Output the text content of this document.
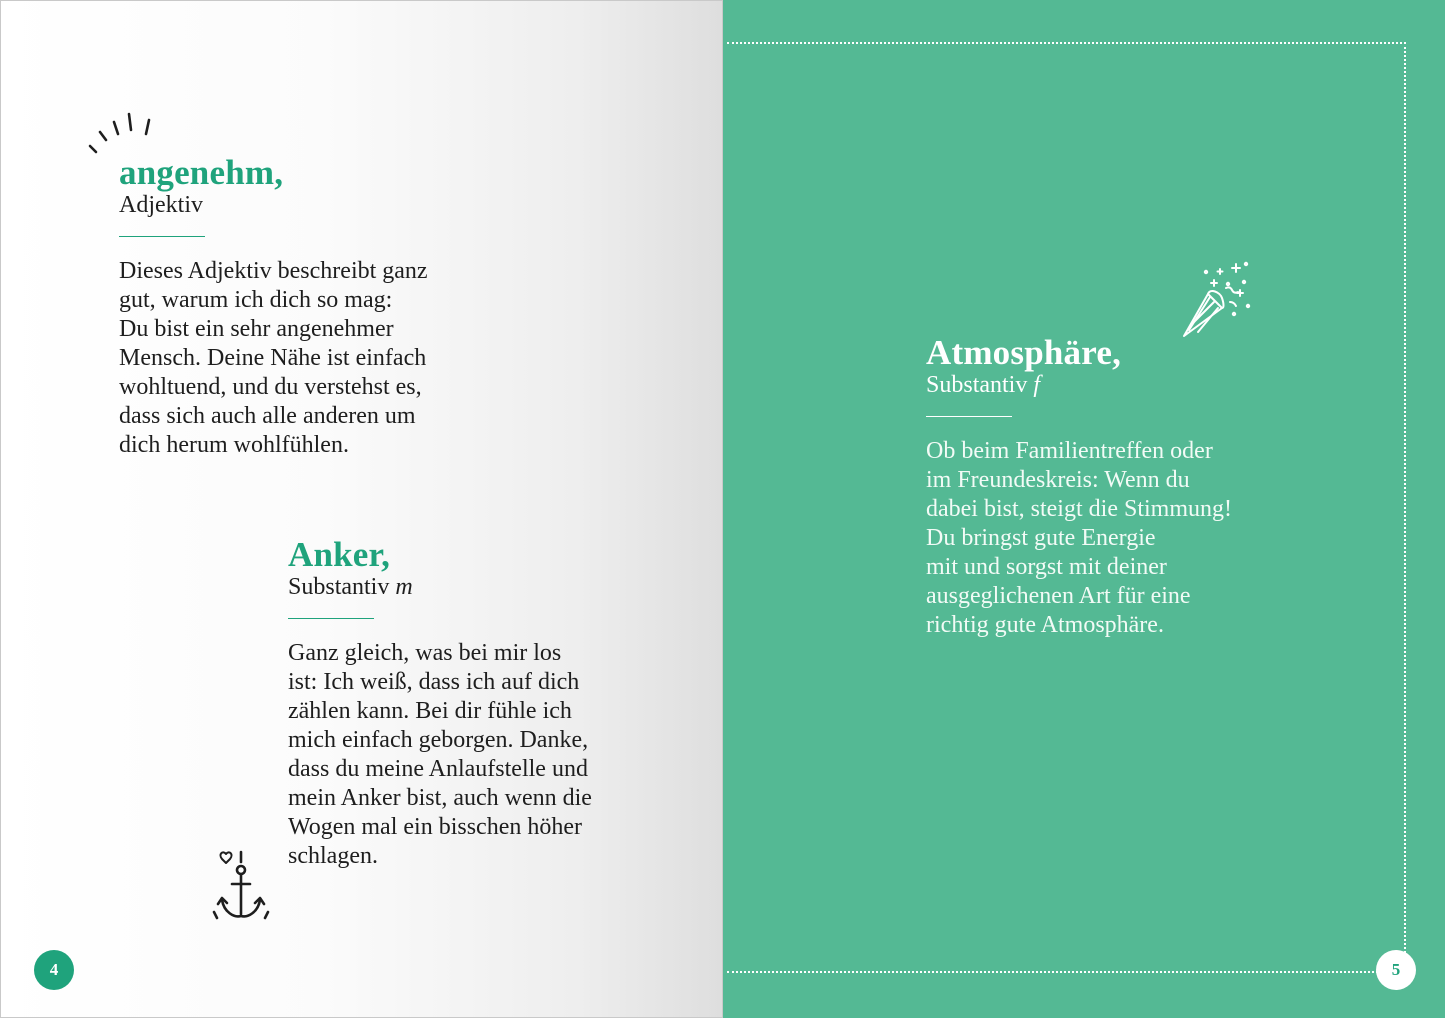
angenehm,
Adjektiv

Dieses Adjektiv beschreibt ganz
gut, warum ich dich so mag:
Du bist ein sehr angenehmer
Mensch. Deine Nähe ist einfach
wohltuend, und du verstehst es,
dass sich auch alle anderen um
dich herum wohlfühlen.

Anker,
Substantiv m

Ganz gleich, was bei mir los
ist: Ich weiß, dass ich auf dich
zählen kann. Bei dir fühle ich
mich einfach geborgen. Danke,
dass du meine Anlaufstelle und
mein Anker bist, auch wenn die
Wogen mal ein bisschen höher
schlagen.

4
Atmosphäre,
Substantiv f

Ob beim Familientreffen oder
im Freundeskreis: Wenn du
dabei bist, steigt die Stimmung!
Du bringst gute Energie
mit und sorgst mit deiner
ausgeglichenen Art für eine
richtig gute Atmosphäre.

5
